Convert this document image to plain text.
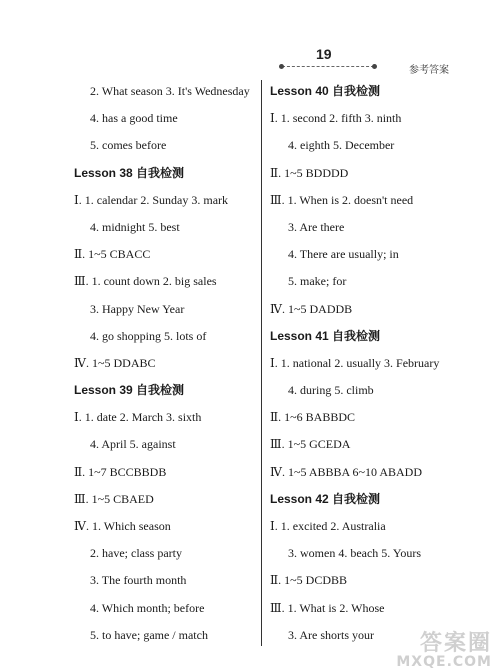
19
参考答案
2. What season 3. It's Wednesday
4. has a good time
5. comes before
Lesson 38 自我检测
Ⅰ. 1. calendar 2. Sunday 3. mark
4. midnight 5. best
Ⅱ. 1~5 CBACC
Ⅲ. 1. count down 2. big sales
3. Happy New Year
4. go shopping 5. lots of
Ⅳ. 1~5 DDABC
Lesson 39 自我检测
Ⅰ. 1. date 2. March 3. sixth
4. April 5. against
Ⅱ. 1~7 BCCBBDB
Ⅲ. 1~5 CBAED
Ⅳ. 1. Which season
2. have; class party
3. The fourth month
4. Which month; before
5. to have; game / match
Lesson 40 自我检测
Ⅰ. 1. second 2. fifth 3. ninth
4. eighth 5. December
Ⅱ. 1~5 BDDDD
Ⅲ. 1. When is 2. doesn't need
3. Are there
4. There are usually; in
5. make; for
Ⅳ. 1~5 DADDB
Lesson 41 自我检测
Ⅰ. 1. national 2. usually 3. February
4. during 5. climb
Ⅱ. 1~6 BABBDC
Ⅲ. 1~5 GCEDA
Ⅳ. 1~5 ABBBA 6~10 ABADD
Lesson 42 自我检测
Ⅰ. 1. excited 2. Australia
3. women 4. beach 5. Yours
Ⅱ. 1~5 DCDBB
Ⅲ. 1. What is 2. Whose
3. Are shorts your	答案圈
MXQE.COM
